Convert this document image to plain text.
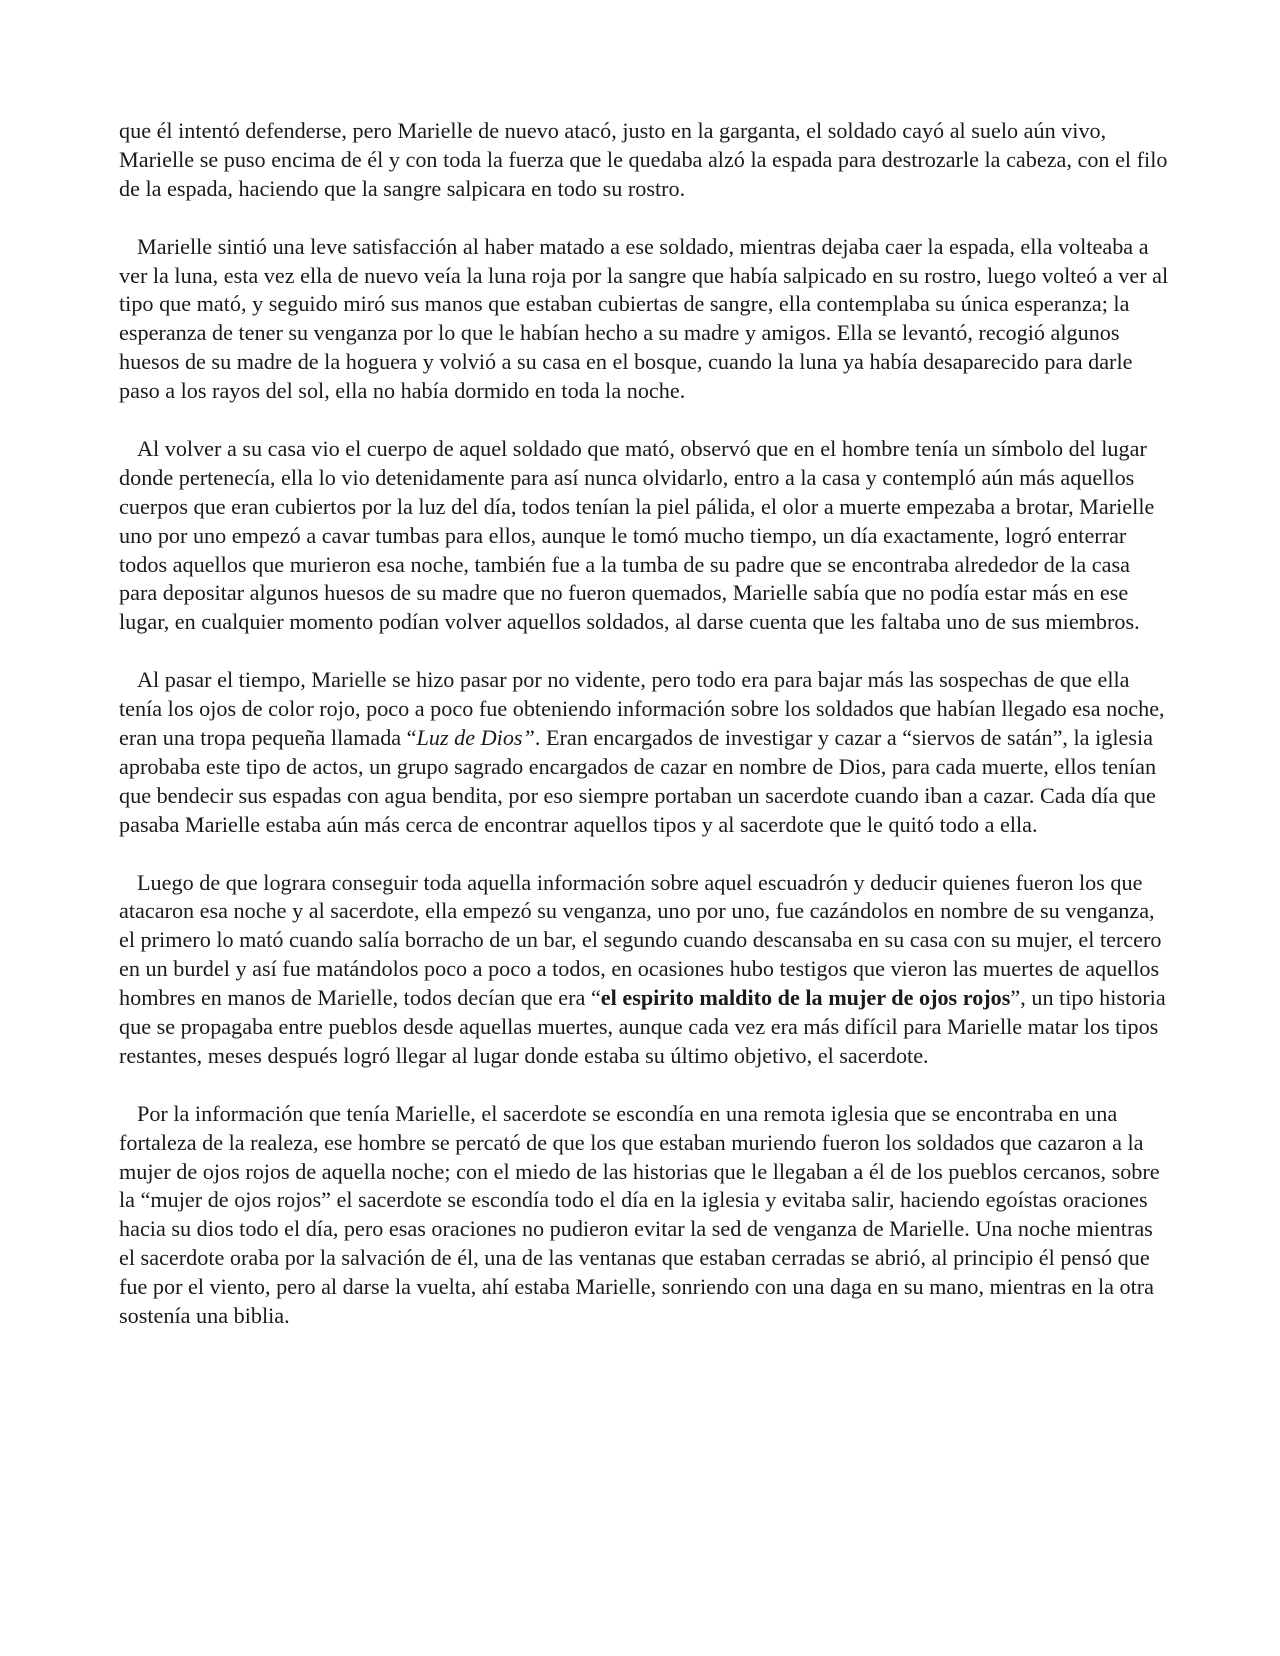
que él intentó defenderse, pero Marielle de nuevo atacó, justo en la garganta, el soldado cayó al suelo aún vivo, Marielle se puso encima de él y con toda la fuerza que le quedaba alzó la espada para destrozarle la cabeza, con el filo de la espada, haciendo que la sangre salpicara en todo su rostro.

Marielle sintió una leve satisfacción al haber matado a ese soldado, mientras dejaba caer la espada, ella volteaba a ver la luna, esta vez ella de nuevo veía la luna roja por la sangre que había salpicado en su rostro, luego volteó a ver al tipo que mató, y seguido miró sus manos que estaban cubiertas de sangre, ella contemplaba su única esperanza; la esperanza de tener su venganza por lo que le habían hecho a su madre y amigos. Ella se levantó, recogió algunos huesos de su madre de la hoguera y volvió a su casa en el bosque, cuando la luna ya había desaparecido para darle paso a los rayos del sol, ella no había dormido en toda la noche.

Al volver a su casa vio el cuerpo de aquel soldado que mató, observó que en el hombre tenía un símbolo del lugar donde pertenecía, ella lo vio detenidamente para así nunca olvidarlo, entro a la casa y contempló aún más aquellos cuerpos que eran cubiertos por la luz del día, todos tenían la piel pálida, el olor a muerte empezaba a brotar, Marielle uno por uno empezó a cavar tumbas para ellos, aunque le tomó mucho tiempo, un día exactamente, logró enterrar todos aquellos que murieron esa noche, también fue a la tumba de su padre que se encontraba alrededor de la casa para depositar algunos huesos de su madre que no fueron quemados, Marielle sabía que no podía estar más en ese lugar, en cualquier momento podían volver aquellos soldados, al darse cuenta que les faltaba uno de sus miembros.

Al pasar el tiempo, Marielle se hizo pasar por no vidente, pero todo era para bajar más las sospechas de que ella tenía los ojos de color rojo, poco a poco fue obteniendo información sobre los soldados que habían llegado esa noche, eran una tropa pequeña llamada “Luz de Dios”. Eran encargados de investigar y cazar a “siervos de satán”, la iglesia aprobaba este tipo de actos, un grupo sagrado encargados de cazar en nombre de Dios, para cada muerte, ellos tenían que bendecir sus espadas con agua bendita, por eso siempre portaban un sacerdote cuando iban a cazar. Cada día que pasaba Marielle estaba aún más cerca de encontrar aquellos tipos y al sacerdote que le quitó todo a ella.

Luego de que lograra conseguir toda aquella información sobre aquel escuadrón y deducir quienes fueron los que atacaron esa noche y al sacerdote, ella empezó su venganza, uno por uno, fue cazándolos en nombre de su venganza, el primero lo mató cuando salía borracho de un bar, el segundo cuando descansaba en su casa con su mujer, el tercero en un burdel y así fue matándolos poco a poco a todos, en ocasiones hubo testigos que vieron las muertes de aquellos hombres en manos de Marielle, todos decían que era “el espirito maldito de la mujer de ojos rojos”, un tipo historia que se propagaba entre pueblos desde aquellas muertes, aunque cada vez era más difícil para Marielle matar los tipos restantes, meses después logró llegar al lugar donde estaba su último objetivo, el sacerdote.

Por la información que tenía Marielle, el sacerdote se escondía en una remota iglesia que se encontraba en una fortaleza de la realeza, ese hombre se percató de que los que estaban muriendo fueron los soldados que cazaron a la mujer de ojos rojos de aquella noche; con el miedo de las historias que le llegaban a él de los pueblos cercanos, sobre la “mujer de ojos rojos” el sacerdote se escondía todo el día en la iglesia y evitaba salir, haciendo egoístas oraciones hacia su dios todo el día, pero esas oraciones no pudieron evitar la sed de venganza de Marielle. Una noche mientras el sacerdote oraba por la salvación de él, una de las ventanas que estaban cerradas se abrió, al principio él pensó que fue por el viento, pero al darse la vuelta, ahí estaba Marielle, sonriendo con una daga en su mano, mientras en la otra sostenía una biblia.
